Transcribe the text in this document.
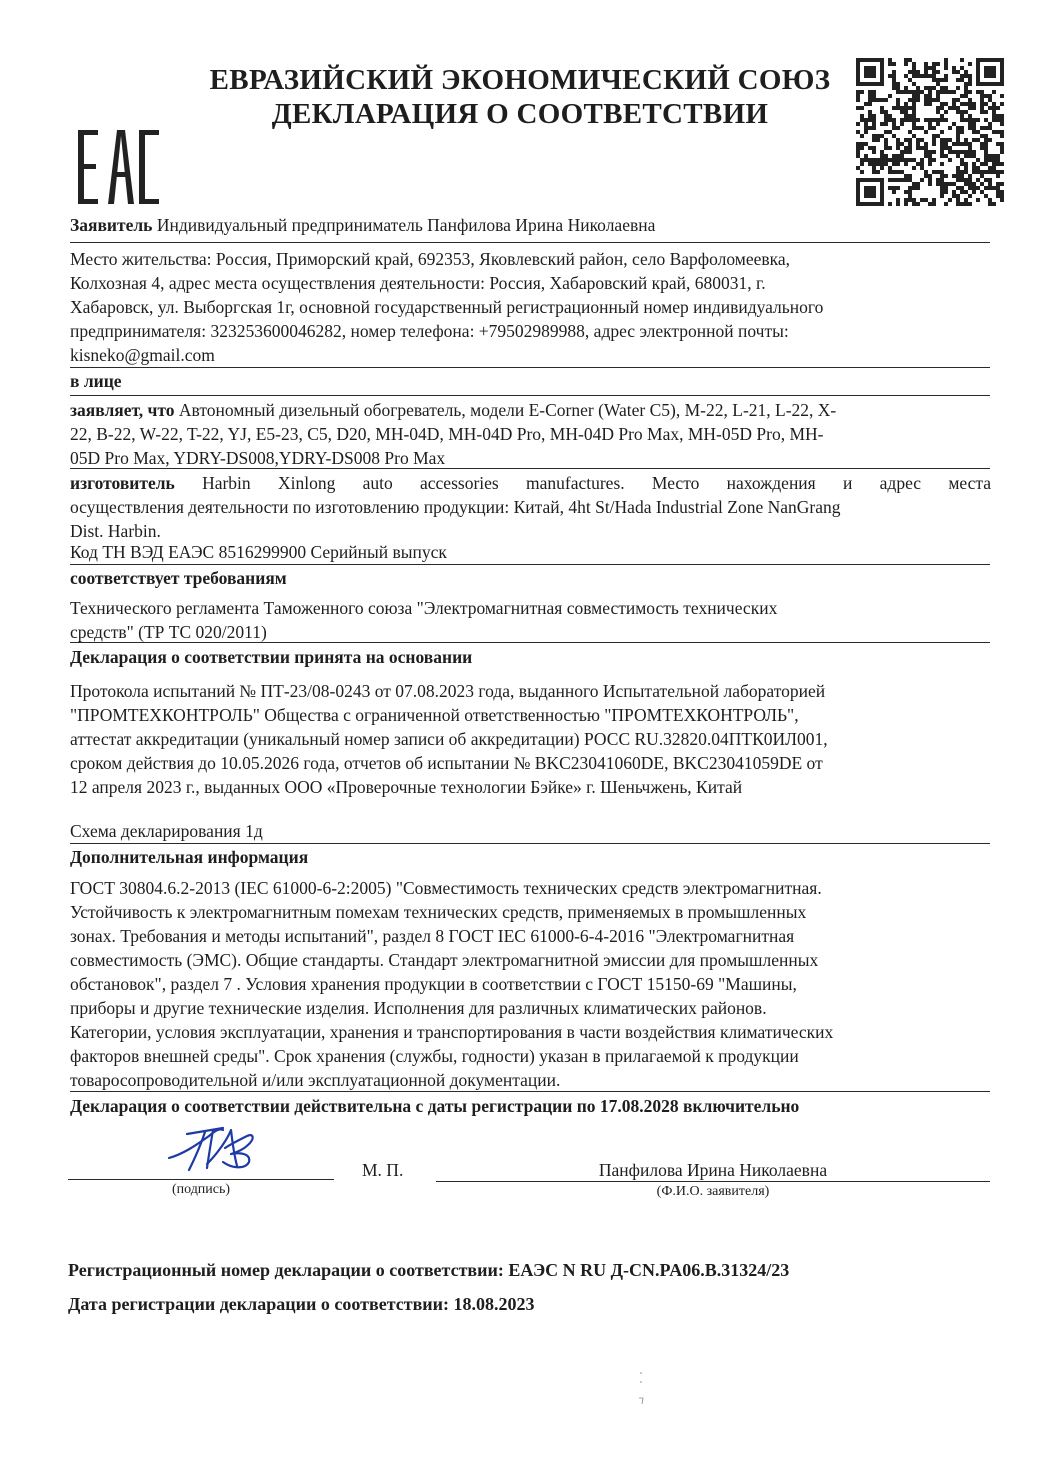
ЕВРАЗИЙСКИЙ ЭКОНОМИЧЕСКИЙ СОЮЗ
ДЕКЛАРАЦИЯ О СООТВЕТСТВИИ
Заявитель Индивидуальный предприниматель Панфилова Ирина Николаевна
Место жительства: Россия, Приморский край, 692353, Яковлевский район, село Варфоломеевка,
Колхозная 4, адрес места осуществления деятельности: Россия, Хабаровский край, 680031, г.
Хабаровск, ул. Выборгская 1г, основной государственный регистрационный номер индивидуального
предпринимателя: 323253600046282, номер телефона: +79502989988, адрес электронной почты:
kisneko@gmail.com
в лице
заявляет, что Автономный дизельный обогреватель, модели E-Corner (Water C5), M-22, L-21, L-22, X-
22, B-22, W-22, T-22, YJ, E5-23, C5, D20, MH-04D, MH-04D Pro, MH-04D Pro Max, MH-05D Pro, MH-
05D Pro Max, YDRY-DS008,YDRY-DS008 Pro Max
изготовитель Harbin Xinlong auto accessories manufactures. Место нахождения и адрес места
осуществления деятельности по изготовлению продукции: Китай, 4ht St/Hada Industrial Zone NanGrang
Dist. Harbin.
Код ТН ВЭД ЕАЭС 8516299900 Серийный выпуск
соответствует требованиям
Технического регламента Таможенного союза "Электромагнитная совместимость технических
средств" (ТР ТС 020/2011)
Декларация о соответствии принята на основании
Протокола испытаний № ПТ-23/08-0243 от 07.08.2023 года, выданного Испытательной лабораторией
"ПРОМТЕХКОНТРОЛЬ" Общества с ограниченной ответственностью "ПРОМТЕХКОНТРОЛЬ",
аттестат аккредитации (уникальный номер записи об аккредитации) РОСС RU.32820.04ПТК0ИЛ001,
сроком действия до 10.05.2026 года, отчетов об испытании № BKC23041060DE, BKC23041059DE от
12 апреля 2023 г., выданных ООО «Проверочные технологии Бэйке» г. Шеньчжень, Китай
Схема декларирования 1д
Дополнительная информация
ГОСТ 30804.6.2-2013 (IEC 61000-6-2:2005) "Совместимость технических средств электромагнитная.
Устойчивость к электромагнитным помехам технических средств, применяемых в промышленных
зонах. Требования и методы испытаний", раздел 8 ГОСТ IEC 61000-6-4-2016 "Электромагнитная
совместимость (ЭМС). Общие стандарты. Стандарт электромагнитной эмиссии для промышленных
обстановок", раздел 7 . Условия хранения продукции в соответствии с ГОСТ 15150-69 "Машины,
приборы и другие технические изделия. Исполнения для различных климатических районов.
Категории, условия эксплуатации, хранения и транспортирования в части воздействия климатических
факторов внешней среды". Срок хранения (службы, годности) указан в прилагаемой к продукции
товаросопроводительной и/или эксплуатационной документации.
Декларация о соответствии действительна с даты регистрации по 17.08.2028 включительно
(подпись)
М. П.	Панфилова Ирина Николаевна
(Ф.И.О. заявителя)
Регистрационный номер декларации о соответствии: ЕАЭС N RU Д-CN.PA06.B.31324/23
Дата регистрации декларации о соответствии: 18.08.2023
